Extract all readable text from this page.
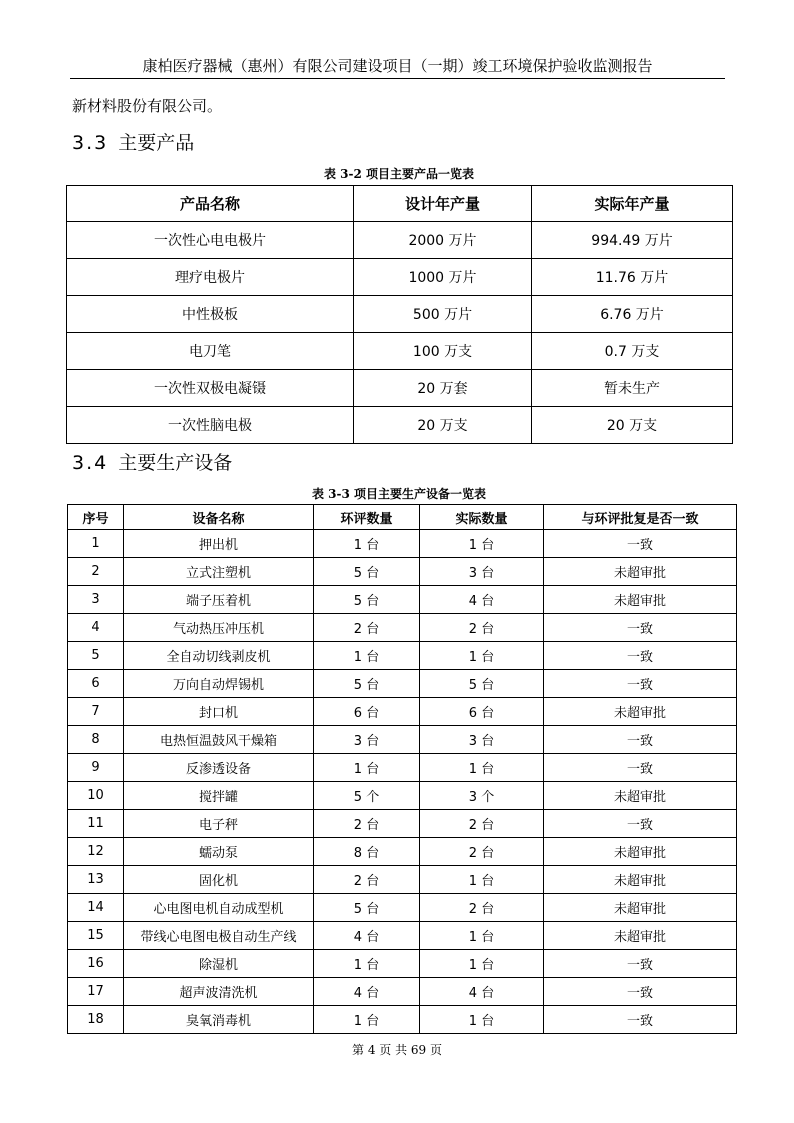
康柏医疗器械（惠州）有限公司建设项目（一期）竣工环境保护验收监测报告
新材料股份有限公司。
3.3 主要产品
表 3-2 项目主要产品一览表
产品名称	设计年产量	实际年产量
一次性心电电极片	2000 万片	994.49 万片
理疗电极片	1000 万片	11.76 万片
中性极板	500 万片	6.76 万片
电刀笔	100 万支	0.7 万支
一次性双极电凝镊	20 万套	暂未生产
一次性脑电极	20 万支	20 万支
3.4 主要生产设备
表 3-3 项目主要生产设备一览表
序号	设备名称	环评数量	实际数量	与环评批复是否一致
1	押出机	1 台	1 台	一致
2	立式注塑机	5 台	3 台	未超审批
3	端子压着机	5 台	4 台	未超审批
4	气动热压冲压机	2 台	2 台	一致
5	全自动切线剥皮机	1 台	1 台	一致
6	万向自动焊锡机	5 台	5 台	一致
7	封口机	6 台	6 台	未超审批
8	电热恒温鼓风干燥箱	3 台	3 台	一致
9	反渗透设备	1 台	1 台	一致
10	搅拌罐	5 个	3 个	未超审批
11	电子秤	2 台	2 台	一致
12	蠕动泵	8 台	2 台	未超审批
13	固化机	2 台	1 台	未超审批
14	心电图电机自动成型机	5 台	2 台	未超审批
15	带线心电图电极自动生产线	4 台	1 台	未超审批
16	除湿机	1 台	1 台	一致
17	超声波清洗机	4 台	4 台	一致
18	臭氧消毒机	1 台	1 台	一致
第 4 页 共 69 页
